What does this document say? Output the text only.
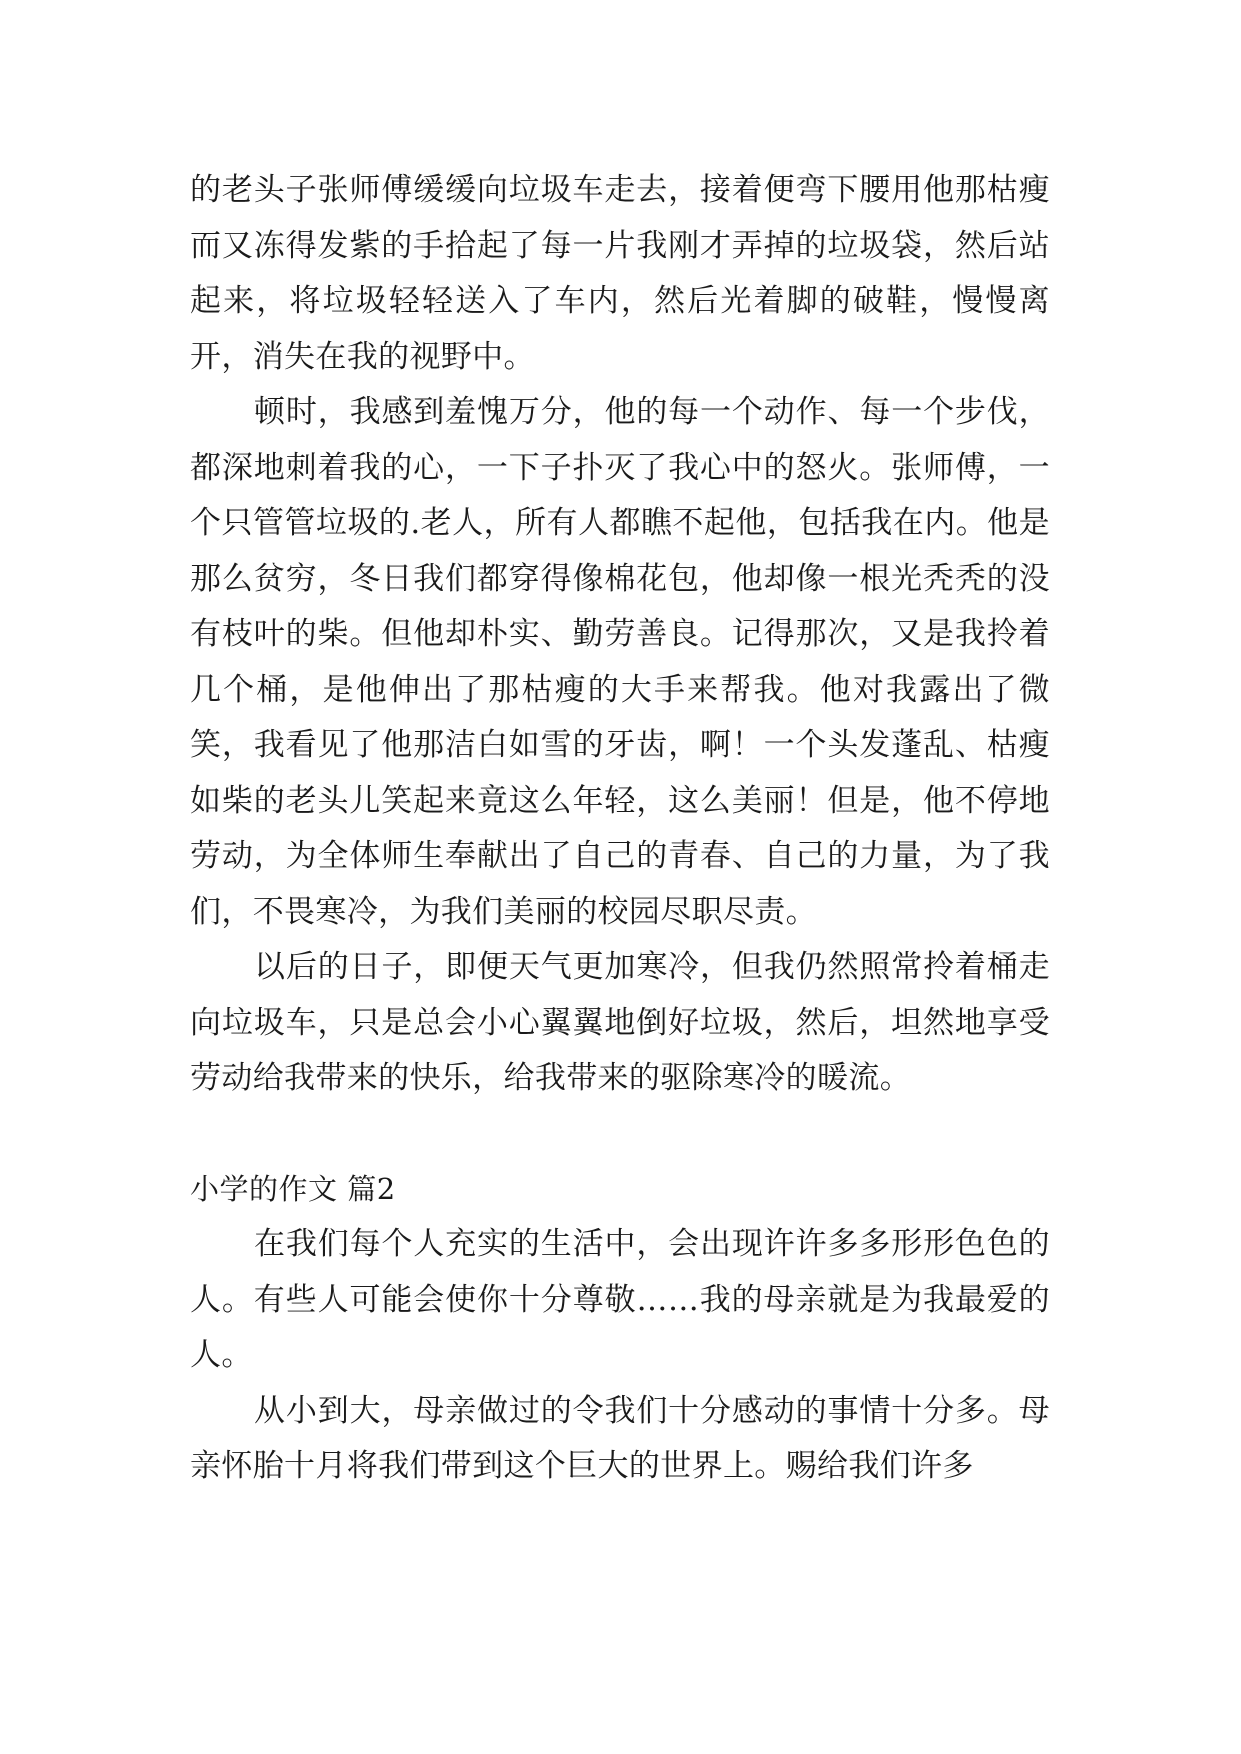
的老头子张师傅缓缓向垃圾车走去，接着便弯下腰用他那枯瘦而又冻得发紫的手拾起了每一片我刚才弄掉的垃圾袋，然后站起来，将垃圾轻轻送入了车内，然后光着脚的破鞋，慢慢离开，消失在我的视野中。

顿时，我感到羞愧万分，他的每一个动作、每一个步伐，都深地刺着我的心，一下子扑灭了我心中的怒火。张师傅，一个只管管垃圾的.老人，所有人都瞧不起他，包括我在内。他是那么贫穷，冬日我们都穿得像棉花包，他却像一根光秃秃的没有枝叶的柴。但他却朴实、勤劳善良。记得那次，又是我拎着几个桶，是他伸出了那枯瘦的大手来帮我。他对我露出了微笑，我看见了他那洁白如雪的牙齿，啊！一个头发蓬乱、枯瘦如柴的老头儿笑起来竟这么年轻，这么美丽！但是，他不停地劳动，为全体师生奉献出了自己的青春、自己的力量，为了我们，不畏寒冷，为我们美丽的校园尽职尽责。

以后的日子，即便天气更加寒冷，但我仍然照常拎着桶走向垃圾车，只是总会小心翼翼地倒好垃圾，然后，坦然地享受劳动给我带来的快乐，给我带来的驱除寒冷的暖流。

小学的作文 篇2

在我们每个人充实的生活中，会出现许许多多形形色色的人。有些人可能会使你十分尊敬……我的母亲就是为我最爱的人。

从小到大，母亲做过的令我们十分感动的事情十分多。母亲怀胎十月将我们带到这个巨大的世界上。赐给我们许多
